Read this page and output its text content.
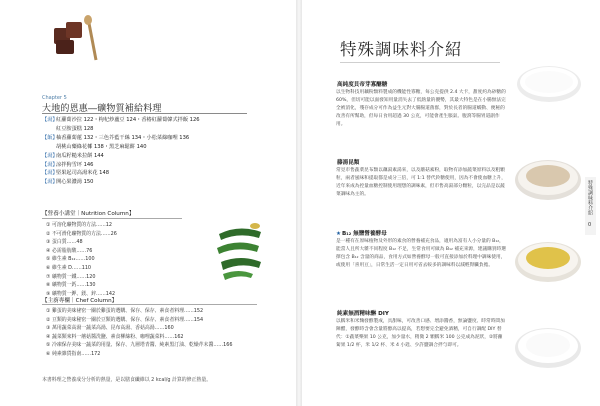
Chapter 5
大地的恩惠―礦物質補給料理
【湯】
紅蘿蔔沙拉 122・枸杞炒蘆豆 124・香椿紅蘿蔔韓式拌飯 126
紅豆胺蛋糕 128
【飯】
柚香蘿蔔蓮 132・三色芥藍干絲 134・小松菜綠咖哩 136
胡桃山藥綠花椰 138・黑芝麻鬆餅 140
【湯】
南瓜籽糙米拉餅 144
【湯】
涼拌狗雪坪 146
【湯】
堅果起司高湯米花 148
【湯】
開心果濃湯 150
【營養小講堂｜Nutrition Column】
① 可溶化礦物質的方法……12
② 不可滑化礦物質的方法……26
③ 蛋白質……48
④ 必需脂肪酸……76
⑤ 維生素 B₁₂……100
⑥ 維生素 D……110
⑦ 礦物質一鐵……120
⑧ 礦物質一鈣……130
⑨ 礦物質一鉀、鎂、鋅……142
【主廚專欄｜Chef Column】
① 雞蛋的美味祕密一關於雞蛋的選購、保存、保存、素食者料理……152
② 豆類的美味秘密一關於豆類的選購、保存、保存、素食者料理……154
③ 萬用蔬菜高湯一蔬菜高湯、昆布高湯、香菇高湯……160
④ 蔬菜類來料一蘑菇醬洗鹽、素食柳絲粉、咖哩蔬菜料……162
⑤ 冷凍保存美味一蔬菜的用量、保存、九層塔青醬、純素黑汀油、乾燥芹末醬……166
⑥ 純素雜貨指南……172
本書料理之營養成分分析的熱量，是以膳食纖維以 2 kcal/g 計算的修正熱量。
特殊調味料介紹
高純度貝帝芽寡醣糖
以生物科技用藕粉類料製成的機能性寡糖，每公克提供 2.4 大卡，甜度約為砂糖的 60%，但切可能以面發知用量消失去了低熱量的優勢，其最大特色是在小腸無法完全被消化，殘存成分可作為益生元對大腸腸道菌群，對於長者的腸道蠕動、便秘的改善有所幫助，但每日食用超過 30 公克，可能會產生脹氣、腹瀉等腸胃道副作用。
藤湯昆類
常見市售蔬菜昆布類以藕湯素湯來，以及蘑菇素粉，取物有添加蔬菜原料以及粗顆粒，兩者風味和提取都是成分三倍，可 1:1 替代鈴糖使用，因為不會使血糖上升，近年來成為控量血糖控制使用理想的調味素，但市售高湯部分顆粒，以完品是以蔬菜調味為主的。
★B₁₂ 無鹽營養酵母
是一種有在原味植物及外形的素食的營養補充食品，適用為富有人小分量的 B₁₂，能當人且所大雜不同程度 B₁₂ 不足，生常食用可做為 B₁₂ 補充來源，建議購買時選擇包含 B₁₂ 含量的商品，食用方式如營養酵母一般可直接添加於料理中調味使用，或使用「喜用豆」，日常生活一定日用可省去較多的調味料以減輕腎臟負擔。
純素無酒精味醂 DIY
以糯米和米麴發酵製成，具甜味，可改善口感、增添醬香，無論鹽度、時常時間加陳醋，發酵時含會含量將醇高以提高，若想要完全避免酒精，可自行調配 DIY 替代：①蔬菜樂果 10 公克，加少量水，稍微 2 顆糯米 100 公克成為泥狀，②將蘿蔔果 1/2 杯，米 1/2 杯、米 4 小匙、少許鹽調合拌勻即可。
特殊調味料介紹
0
